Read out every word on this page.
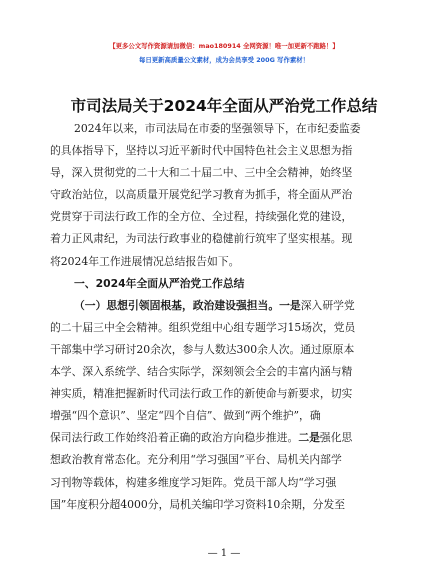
【更多公文写作资源请加微信：mao180914 全网资源！唯一加更新不跑路！】
每日更新高质量公文素材，成为会员享受 200G 写作素材！
市司法局关于2024年全面从严治党工作总结
2024年以来，市司法局在市委的坚强领导下，在市纪委监委
的具体指导下，坚持以习近平新时代中国特色社会主义思想为指
导，深入贯彻党的二十大和二十届二中、三中全会精神，始终坚
守政治站位，以高质量开展党纪学习教育为抓手，将全面从严治
党贯穿于司法行政工作的全方位、全过程，持续强化党的建设，
着力正风肃纪，为司法行政事业的稳健前行筑牢了坚实根基。现
将2024年工作进展情况总结报告如下。
一、2024年全面从严治党工作总结
（一）思想引领固根基，政治建设强担当。一是深入研学党
的二十届三中全会精神。组织党组中心组专题学习15场次，党员
干部集中学习研讨20余次，参与人数达300余人次。通过原原本
本学、深入系统学、结合实际学，深刻领会全会的丰富内涵与精
神实质，精准把握新时代司法行政工作的新使命与新要求，切实
增强“四个意识”、坚定“四个自信”、做到“两个维护”，确
保司法行政工作始终沿着正确的政治方向稳步推进。二是强化思
想政治教育常态化。充分利用“学习强国”平台、局机关内部学
习刊物等载体，构建多维度学习矩阵。党员干部人均“学习强
国”年度积分超4000分，局机关编印学习资料10余期，分发至
— 1 —
